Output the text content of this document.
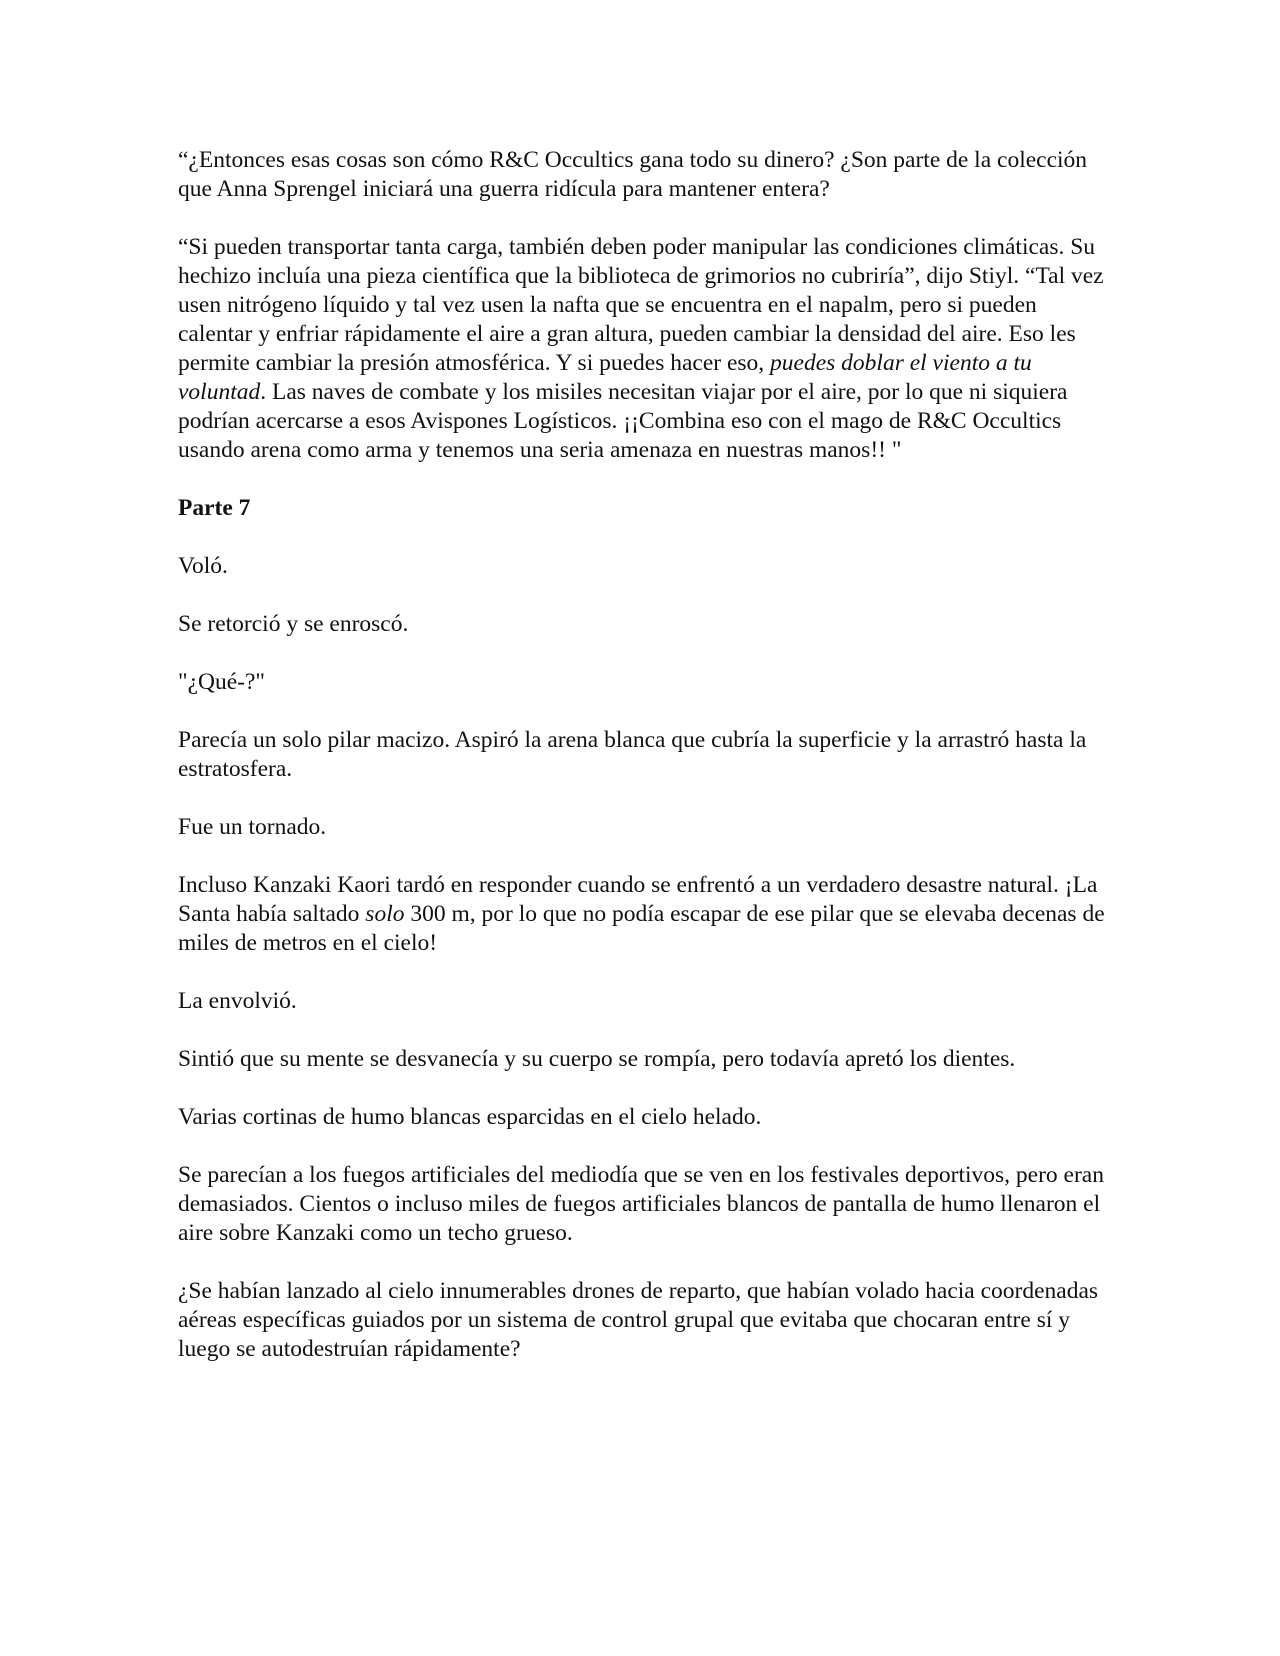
“¿Entonces esas cosas son cómo R&C Occultics gana todo su dinero? ¿Son parte de la colección que Anna Sprengel iniciará una guerra ridícula para mantener entera?

“Si pueden transportar tanta carga, también deben poder manipular las condiciones climáticas. Su hechizo incluía una pieza científica que la biblioteca de grimorios no cubriría”, dijo Stiyl. “Tal vez usen nitrógeno líquido y tal vez usen la nafta que se encuentra en el napalm, pero si pueden calentar y enfriar rápidamente el aire a gran altura, pueden cambiar la densidad del aire. Eso les permite cambiar la presión atmosférica. Y si puedes hacer eso, puedes doblar el viento a tu voluntad. Las naves de combate y los misiles necesitan viajar por el aire, por lo que ni siquiera podrían acercarse a esos Avispones Logísticos. ¡¡Combina eso con el mago de R&C Occultics usando arena como arma y tenemos una seria amenaza en nuestras manos!! "

Parte 7

Voló.

Se retorció y se enroscó.

"¿Qué-?"

Parecía un solo pilar macizo. Aspiró la arena blanca que cubría la superficie y la arrastró hasta la estratosfera.

Fue un tornado.

Incluso Kanzaki Kaori tardó en responder cuando se enfrentó a un verdadero desastre natural. ¡La Santa había saltado solo 300 m, por lo que no podía escapar de ese pilar que se elevaba decenas de miles de metros en el cielo!

La envolvió.

Sintió que su mente se desvanecía y su cuerpo se rompía, pero todavía apretó los dientes.

Varias cortinas de humo blancas esparcidas en el cielo helado.

Se parecían a los fuegos artificiales del mediodía que se ven en los festivales deportivos, pero eran demasiados. Cientos o incluso miles de fuegos artificiales blancos de pantalla de humo llenaron el aire sobre Kanzaki como un techo grueso.

¿Se habían lanzado al cielo innumerables drones de reparto, que habían volado hacia coordenadas aéreas específicas guiados por un sistema de control grupal que evitaba que chocaran entre sí y luego se autodestruían rápidamente?
